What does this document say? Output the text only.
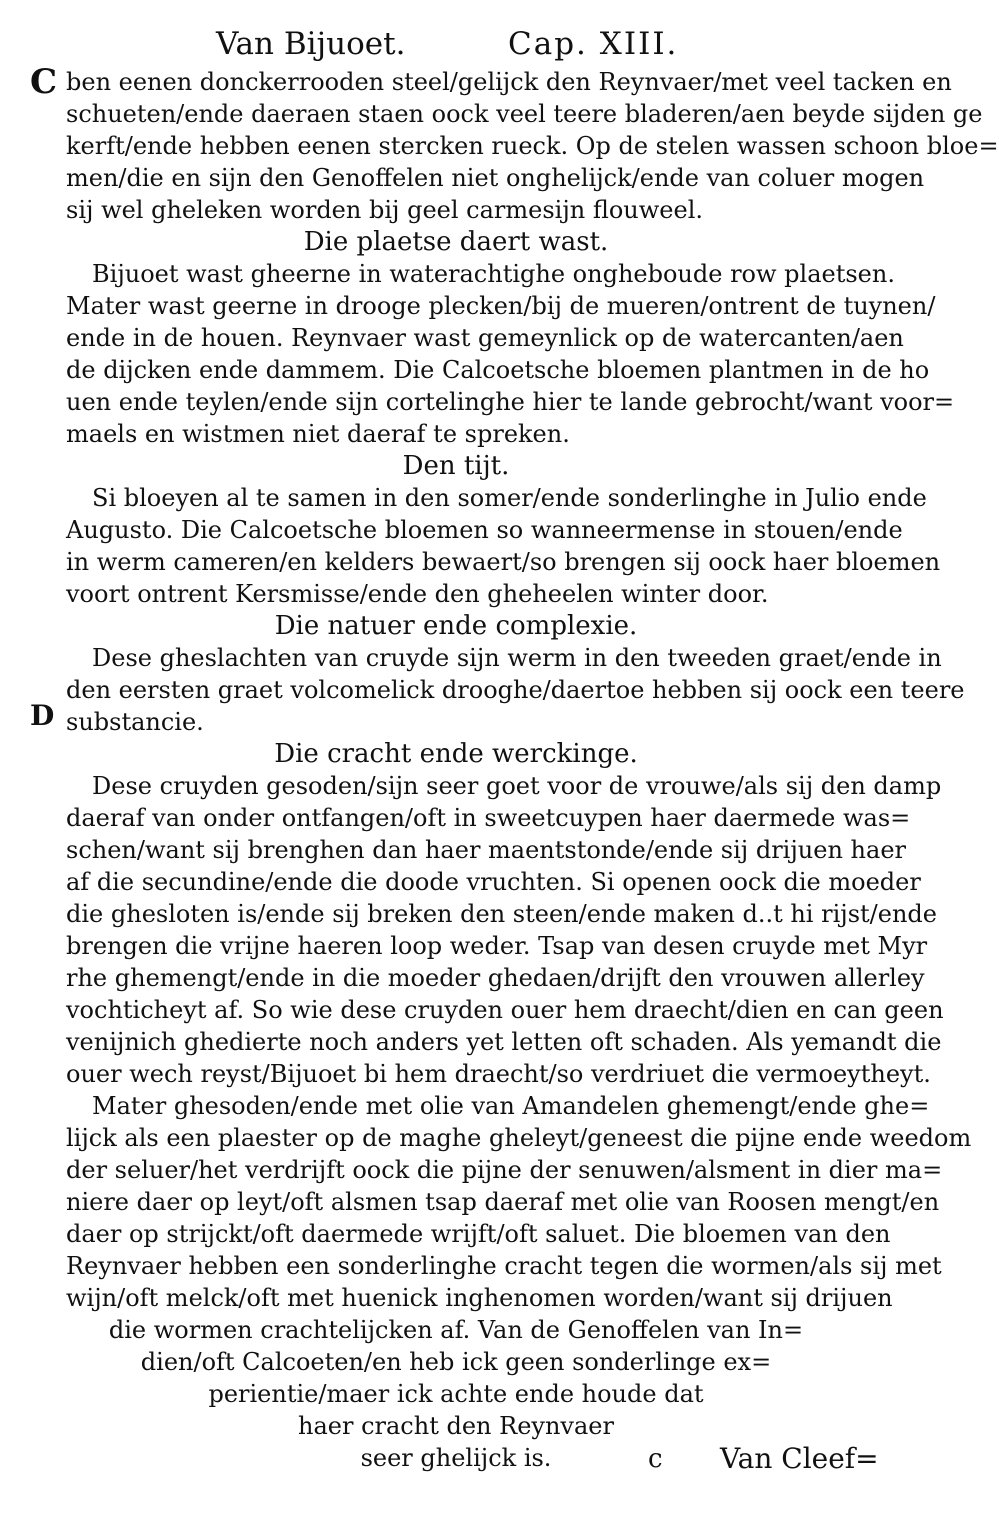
Van Bijuoet.	Cap. XIII.
C
D
ben eenen donckerrooden steel/gelijck den Reynvaer/met veel tacken en
schueten/ende daeraen staen oock veel teere bladeren/aen beyde sijden ge
kerft/ende hebben eenen stercken rueck. Op de stelen wassen schoon bloe=
men/die en sijn den Genoffelen niet ongheliјck/ende van coluer mogen
sij wel gheleken worden bij geel carmesijn flouweel.
Die plaetse daert wast.
Bijuoet wast gheerne in waterachtighe ongheboude row plaetsen.
Mater wast geerne in drooge plecken/bij de mueren/ontrent de tuynen/
ende in de houen. Reynvaer wast gemeynlick op de watercanten/aen
de dijcken ende dammem. Die Calcoetsche bloemen plantmen in de ho
uen ende teylen/ende sijn cortelinghe hier te lande gebrocht/want voor=
maels en wistmen niet daeraf te spreken.
Den tijt.
Si bloeyen al te samen in den somer/ende sonderlinghe in Julio ende
Augusto. Die Calcoetsche bloemen so wanneermense in stouen/ende
in werm cameren/en kelders bewaert/so brengen sij oock haer bloemen
voort ontrent Kersmisse/ende den gheheelen winter door.
Die natuer ende complexie.
Dese gheslachten van cruyde sijn werm in den tweeden graet/ende in
den eersten graet volcomelick drooghe/daertoe hebben sij oock een teere
substancie.
Die cracht ende werckinge.
Dese cruyden gesoden/sijn seer goet voor de vrouwe/als sij den damp
daeraf van onder ontfangen/oft in sweetcuypen haer daermede was=
schen/want sij brenghen dan haer maentstonde/ende sij drijuen haer
af die secundine/ende die doode vruchten. Si openen oock die moeder
die ghesloten is/ende sij breken den steen/ende maken d..t hi rijst/ende
brengen die vrijne haeren loop weder. Tsap van desen cruyde met Myr
rhe ghemengt/ende in die moeder ghedaen/drijft den vrouwen allerley
vochticheyt af. So wie dese cruyden ouer hem draecht/dien en can geen
venijnich ghedierte noch anders yet letten oft schaden. Als yemandt die
ouer wech reyst/Bijuoet bi hem draecht/so verdriuet die vermoeytheyt.
Mater ghesoden/ende met olie van Amandelen ghemengt/ende ghe=
lijck als een plaester op de maghe gheleyt/geneest die pijne ende weedom
der seluer/het verdrijft oock die pijne der senuwen/alsment in dier ma=
niere daer op leyt/oft alsmen tsap daeraf met olie van Roosen mengt/en
daer op strijckt/oft daermede wrijft/oft saluet. Die bloemen van den
Reynvaer hebben een sonderlinghe cracht tegen die wormen/als sij met
wijn/oft melck/oft met huenick inghenomen worden/want sij drijuen
die wormen crachtelijcken af. Van de Genoffelen van In=
dien/oft Calcoeten/en heb ick geen sonderlinge ex=
perientie/maer ick achte ende houde dat
haer cracht den Reynvaer
seer ghelijck is.	c Van Cleef=
